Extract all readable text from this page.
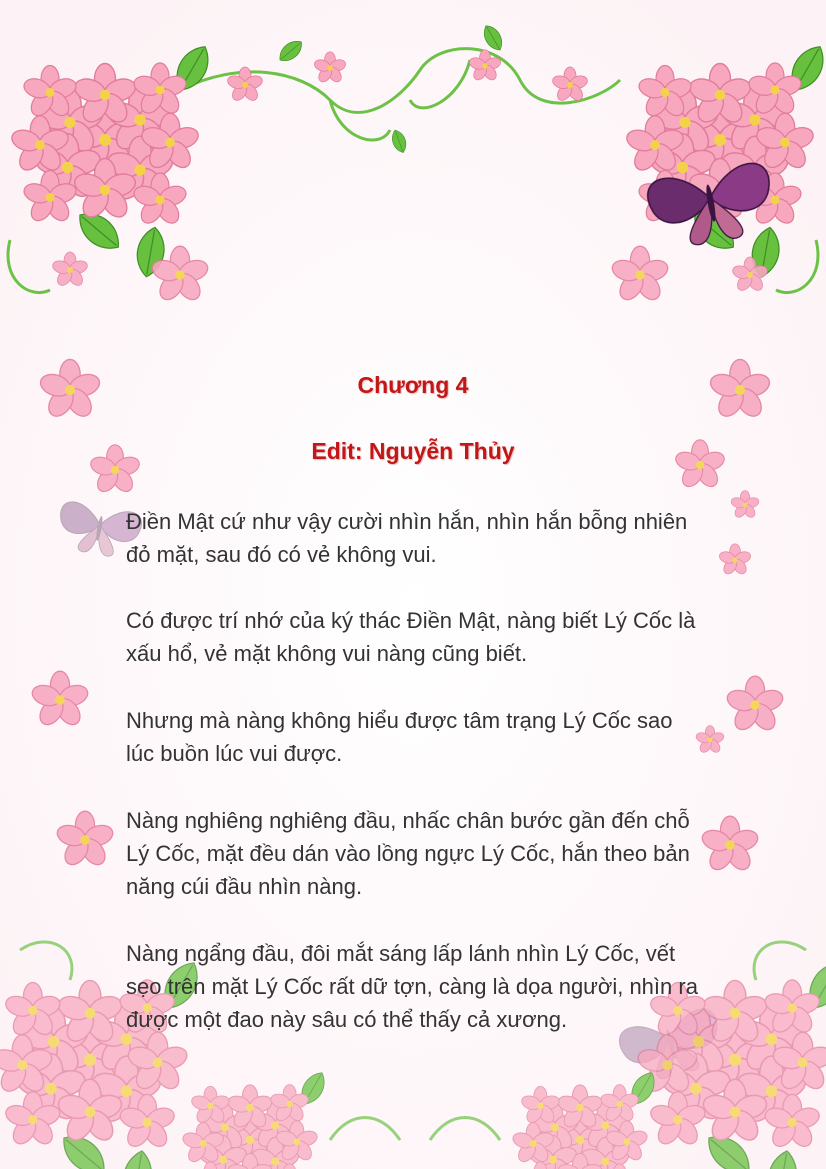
Chương 4
Edit: Nguyễn Thủy

Điền Mật cứ như vậy cười nhìn hắn, nhìn hắn bỗng nhiên đỏ mặt, sau đó có vẻ không vui.

Có được trí nhớ của ký thác Điền Mật, nàng biết Lý Cốc là xấu hổ, vẻ mặt không vui nàng cũng biết.

Nhưng mà nàng không hiểu được tâm trạng Lý Cốc sao lúc buồn lúc vui được.

Nàng nghiêng nghiêng đầu, nhấc chân bước gần đến chỗ Lý Cốc, mặt đều dán vào lồng ngực Lý Cốc, hắn theo bản năng cúi đầu nhìn nàng.

Nàng ngẩng đầu, đôi mắt sáng lấp lánh nhìn Lý Cốc, vết sẹo trên mặt Lý Cốc rất dữ tợn, càng là dọa người, nhìn ra được một đao này sâu có thể thấy cả xương.
